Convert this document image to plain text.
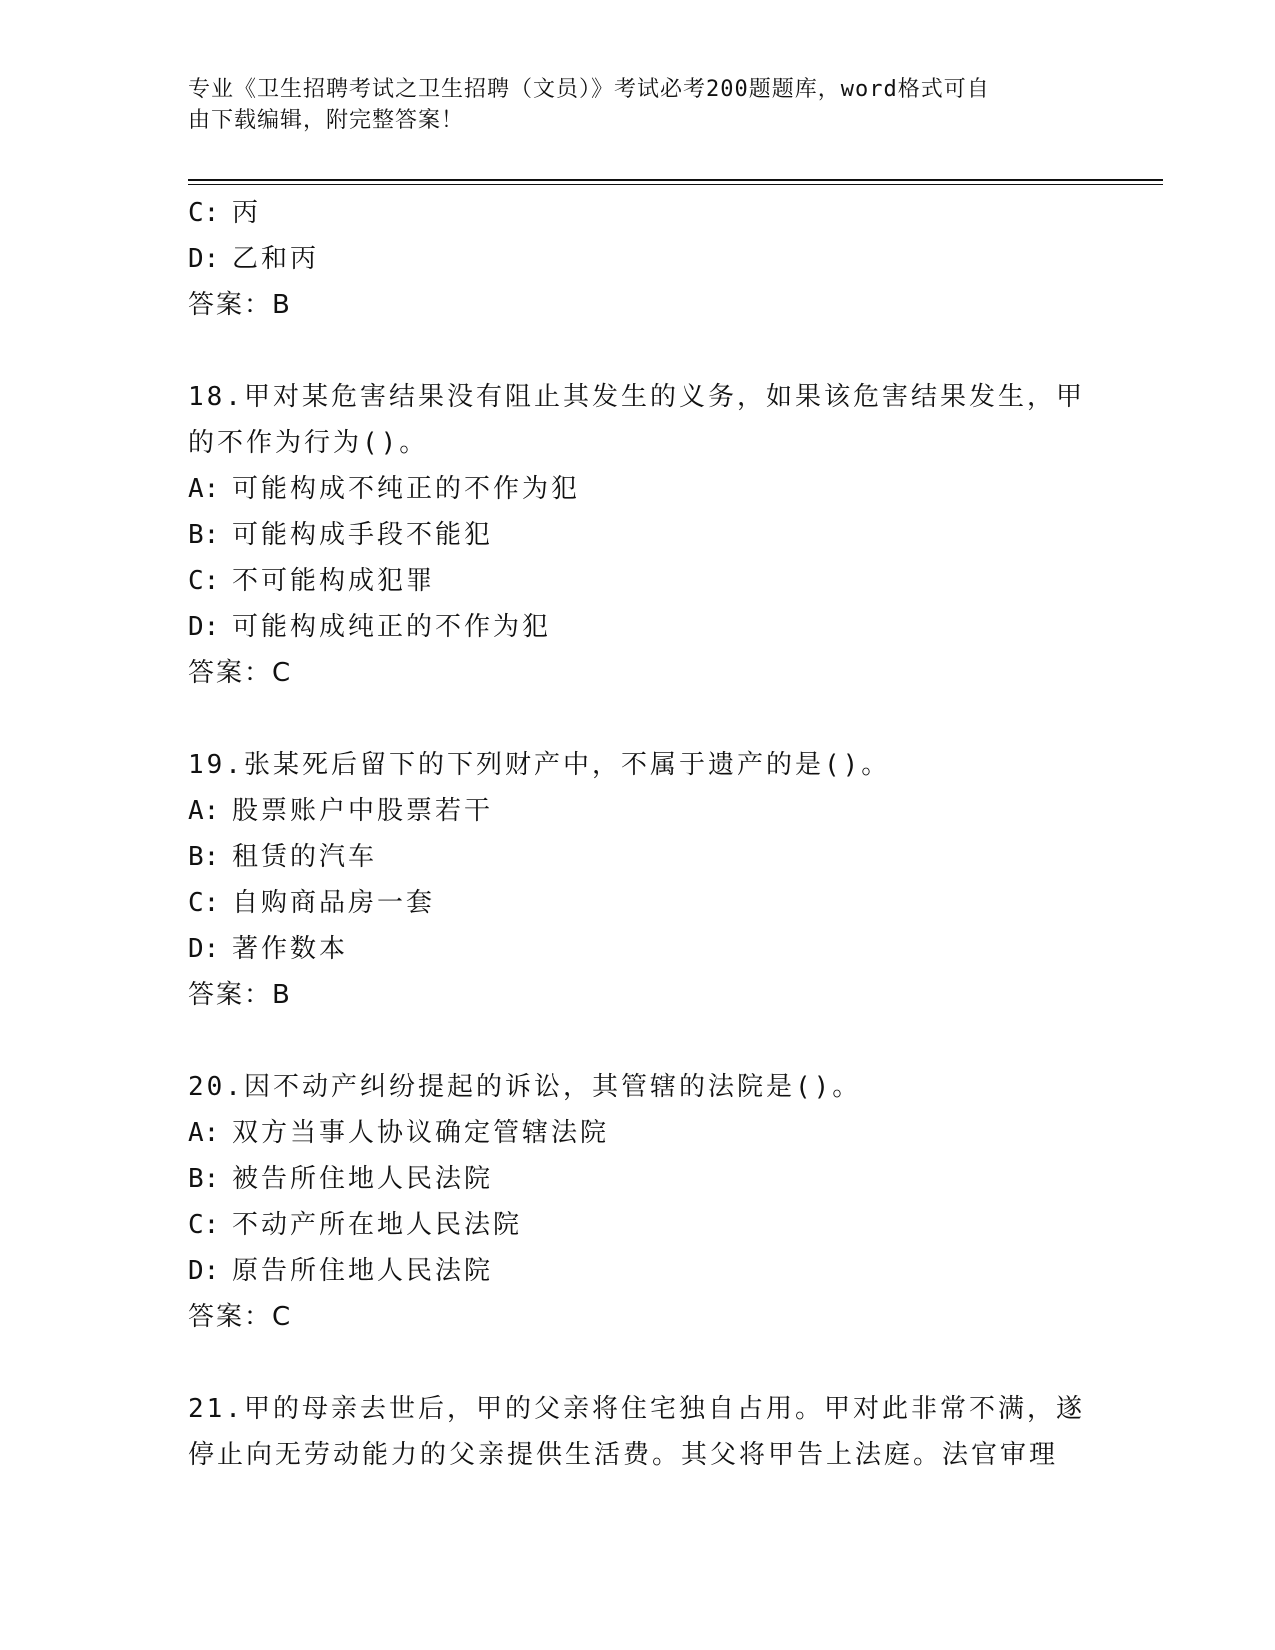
专业《卫生招聘考试之卫生招聘（文员）》考试必考200题题库，word格式可自
由下载编辑，附完整答案！
C: 丙
D: 乙和丙
答案：B
18.甲对某危害结果没有阻止其发生的义务，如果该危害结果发生，甲
的不作为行为()。
A: 可能构成不纯正的不作为犯
B: 可能构成手段不能犯
C: 不可能构成犯罪
D: 可能构成纯正的不作为犯
答案：C
19.张某死后留下的下列财产中，不属于遗产的是()。
A: 股票账户中股票若干
B: 租赁的汽车
C: 自购商品房一套
D: 著作数本
答案：B
20.因不动产纠纷提起的诉讼，其管辖的法院是()。
A: 双方当事人协议确定管辖法院
B: 被告所住地人民法院
C: 不动产所在地人民法院
D: 原告所住地人民法院
答案：C
21.甲的母亲去世后，甲的父亲将住宅独自占用。甲对此非常不满，遂
停止向无劳动能力的父亲提供生活费。其父将甲告上法庭。法官审理
